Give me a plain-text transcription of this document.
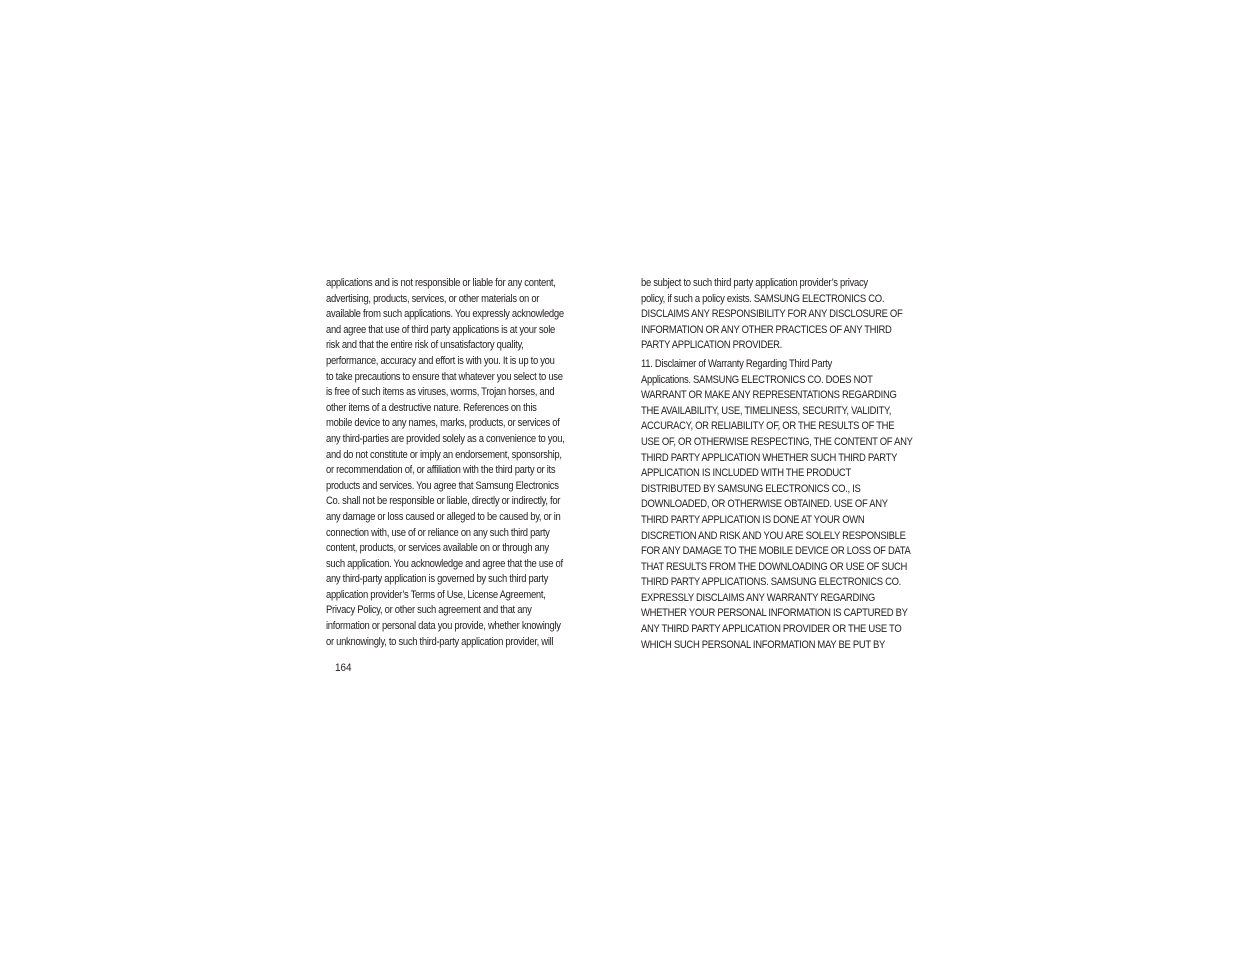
applications and is not responsible or liable for any content,
advertising, products, services, or other materials on or
available from such applications. You expressly acknowledge
and agree that use of third party applications is at your sole
risk and that the entire risk of unsatisfactory quality,
performance, accuracy and effort is with you. It is up to you
to take precautions to ensure that whatever you select to use
is free of such items as viruses, worms, Trojan horses, and
other items of a destructive nature. References on this
mobile device to any names, marks, products, or services of
any third-parties are provided solely as a convenience to you,
and do not constitute or imply an endorsement, sponsorship,
or recommendation of, or affiliation with the third party or its
products and services. You agree that Samsung Electronics
Co. shall not be responsible or liable, directly or indirectly, for
any damage or loss caused or alleged to be caused by, or in
connection with, use of or reliance on any such third party
content, products, or services available on or through any
such application. You acknowledge and agree that the use of
any third-party application is governed by such third party
application provider’s Terms of Use, License Agreement,
Privacy Policy, or other such agreement and that any
information or personal data you provide, whether knowingly
or unknowingly, to such third-party application provider, will
be subject to such third party application provider’s privacy
policy, if such a policy exists. SAMSUNG ELECTRONICS CO.
DISCLAIMS ANY RESPONSIBILITY FOR ANY DISCLOSURE OF
INFORMATION OR ANY OTHER PRACTICES OF ANY THIRD
PARTY APPLICATION PROVIDER.
11. Disclaimer of Warranty Regarding Third Party
Applications. SAMSUNG ELECTRONICS CO. DOES NOT
WARRANT OR MAKE ANY REPRESENTATIONS REGARDING
THE AVAILABILITY, USE, TIMELINESS, SECURITY, VALIDITY,
ACCURACY, OR RELIABILITY OF, OR THE RESULTS OF THE
USE OF, OR OTHERWISE RESPECTING, THE CONTENT OF ANY
THIRD PARTY APPLICATION WHETHER SUCH THIRD PARTY
APPLICATION IS INCLUDED WITH THE PRODUCT
DISTRIBUTED BY SAMSUNG ELECTRONICS CO., IS
DOWNLOADED, OR OTHERWISE OBTAINED. USE OF ANY
THIRD PARTY APPLICATION IS DONE AT YOUR OWN
DISCRETION AND RISK AND YOU ARE SOLELY RESPONSIBLE
FOR ANY DAMAGE TO THE MOBILE DEVICE OR LOSS OF DATA
THAT RESULTS FROM THE DOWNLOADING OR USE OF SUCH
THIRD PARTY APPLICATIONS. SAMSUNG ELECTRONICS CO.
EXPRESSLY DISCLAIMS ANY WARRANTY REGARDING
WHETHER YOUR PERSONAL INFORMATION IS CAPTURED BY
ANY THIRD PARTY APPLICATION PROVIDER OR THE USE TO
WHICH SUCH PERSONAL INFORMATION MAY BE PUT BY
164
